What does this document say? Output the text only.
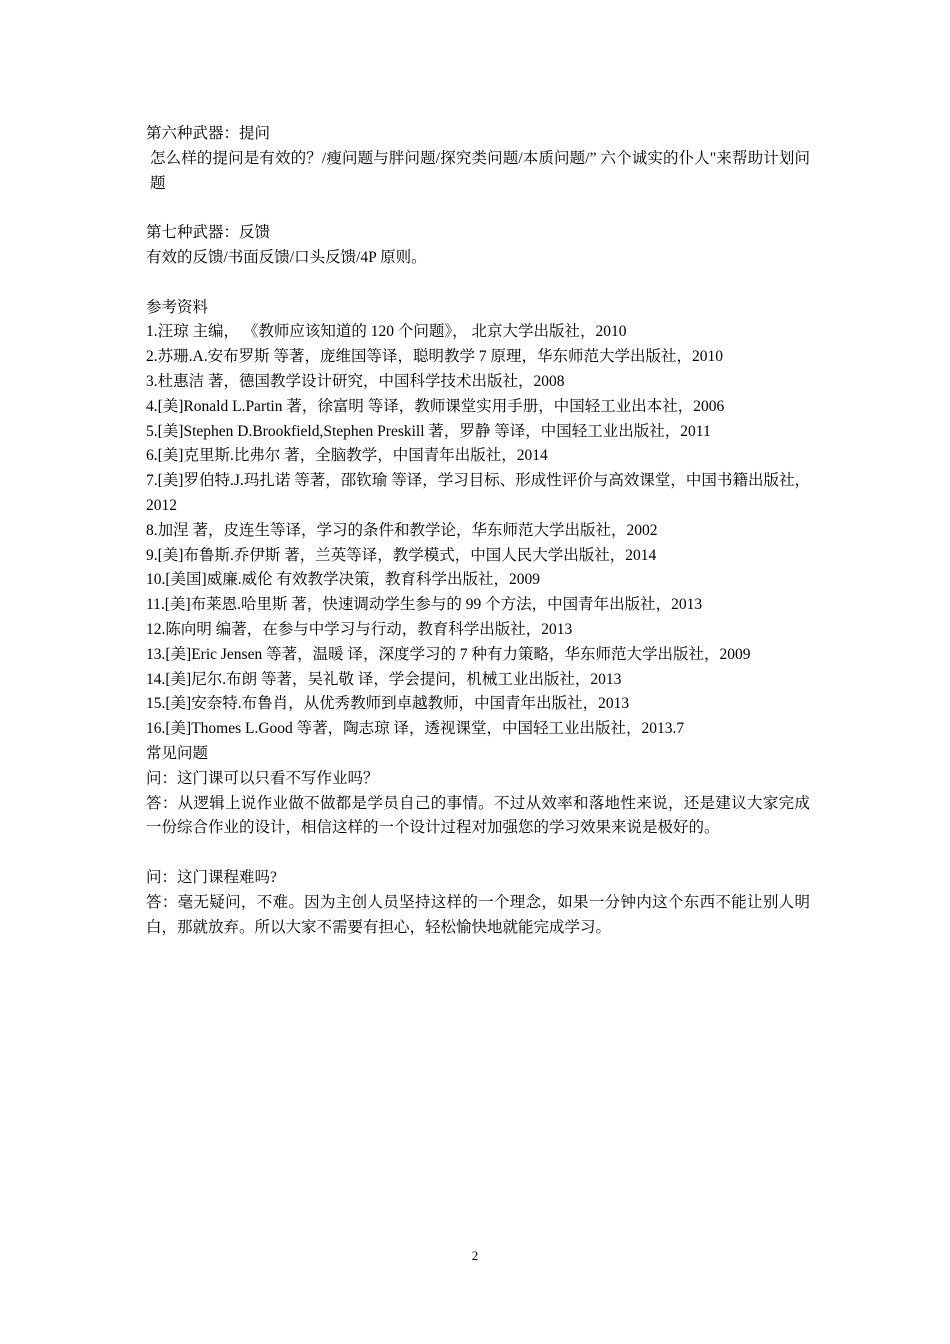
第六种武器：提问

怎么样的提问是有效的？/瘦问题与胖问题/探究类问题/本质问题/” 六个诚实的仆人"来帮助计划问题

第七种武器：反馈

有效的反馈/书面反馈/口头反馈/4P 原则。

参考资料

1.汪琼 主编， 《教师应该知道的 120 个问题》， 北京大学出版社，2010

2.苏珊.A.安布罗斯 等著，庞维国等译，聪明教学 7 原理，华东师范大学出版社，2010

3.杜惠洁 著，德国教学设计研究，中国科学技术出版社，2008

4.[美]Ronald L.Partin 著，徐富明 等译，教师课堂实用手册，中国轻工业出本社，2006

5.[美]Stephen D.Brookfield,Stephen Preskill 著，罗静 等译，中国轻工业出版社，2011

6.[美]克里斯.比弗尔 著，全脑教学，中国青年出版社，2014

7.[美]罗伯特.J.玛扎诺 等著，邵钦瑜 等译，学习目标、形成性评价与高效课堂，中国书籍出版社，2012

8.加涅 著，皮连生等译，学习的条件和教学论，华东师范大学出版社，2002

9.[美]布鲁斯.乔伊斯 著，兰英等译，教学模式，中国人民大学出版社，2014

10.[美国]威廉.威伦 有效教学决策，教育科学出版社，2009

11.[美]布莱恩.哈里斯 著，快速调动学生参与的 99 个方法，中国青年出版社，2013

12.陈向明 编著，在参与中学习与行动，教育科学出版社，2013

13.[美]Eric Jensen 等著，温暖 译，深度学习的 7 种有力策略，华东师范大学出版社，2009

14.[美]尼尔.布朗 等著，吴礼敬 译，学会提问，机械工业出版社，2013

15.[美]安奈特.布鲁肖，从优秀教师到卓越教师，中国青年出版社，2013

16.[美]Thomes L.Good 等著，陶志琼 译，透视课堂，中国轻工业出版社，2013.7

常见问题

问：这门课可以只看不写作业吗？

答：从逻辑上说作业做不做都是学员自己的事情。不过从效率和落地性来说，还是建议大家完成一份综合作业的设计，相信这样的一个设计过程对加强您的学习效果来说是极好的。

问：这门课程难吗?

答：毫无疑问，不难。因为主创人员坚持这样的一个理念，如果一分钟内这个东西不能让别人明白，那就放弃。所以大家不需要有担心，轻松愉快地就能完成学习。

2
